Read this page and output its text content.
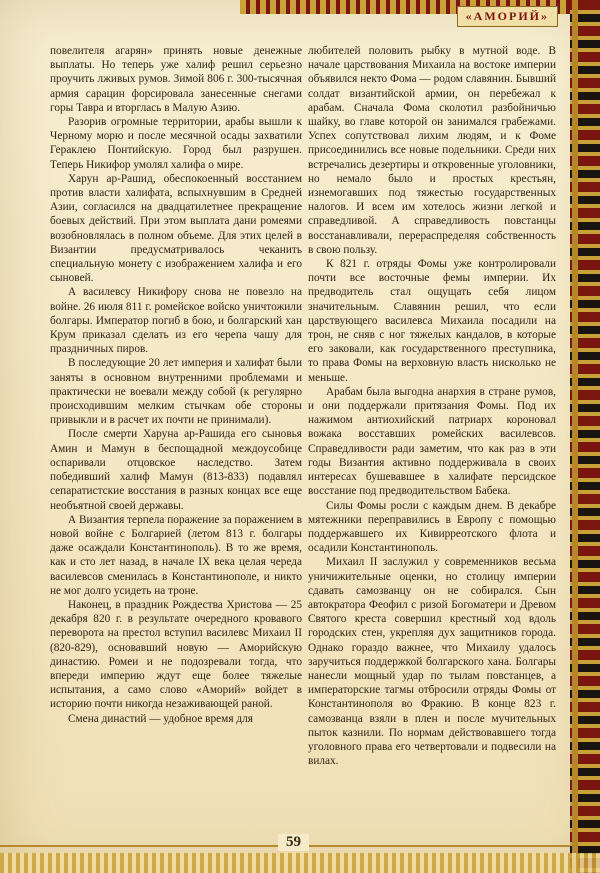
«АМОРИЙ»

повелителя агарян» принять новые денежные выплаты. Но теперь уже халиф решил серьезно проучить лживых румов. Зимой 806 г. 300-тысячная армия сарацин форсировала занесенные снегами горы Тавра и вторглась в Малую Азию.

Разорив огромные территории, арабы вышли к Черному морю и после месячной осады захватили Гераклею Понтийскую. Город был разрушен. Теперь Никифор умолял халифа о мире.

Харун ар-Рашид, обеспокоенный восстанием против власти халифата, вспыхнувшим в Средней Азии, согласился на двадцатилетнее прекращение боевых действий. При этом выплата дани ромеями возобновлялась в полном объеме. Для этих целей в Византии предусматривалось чеканить специальную монету с изображением халифа и его сыновей.

А василевсу Никифору снова не повезло на войне. 26 июля 811 г. ромейское войско уничтожили болгары. Император погиб в бою, и болгарский хан Крум приказал сделать из его черепа чашу для праздничных пиров.

В последующие 20 лет империя и халифат были заняты в основном внутренними проблемами и практически не воевали между собой (к регулярно происходившим мелким стычкам обе стороны привыкли и в расчет их почти не принимали).

После смерти Харуна ар-Рашида его сыновья Амин и Мамун в беспощадной междоусобице оспаривали отцовское наследство. Затем победивший халиф Мамун (813-833) подавлял сепаратистские восстания в разных концах все еще необъятной своей державы.

А Византия терпела поражение за поражением в новой войне с Болгарией (летом 813 г. болгары даже осаждали Константинополь). В то же время, как и сто лет назад, в начале IX века целая череда василевсов сменилась в Константинополе, и никто не мог долго усидеть на троне.

Наконец, в праздник Рождества Христова — 25 декабря 820 г. в результате очередного кровавого переворота на престол вступил василевс Михаил II (820-829), основавший новую — Аморийскую династию. Ромеи и не подозревали тогда, что впереди империю ждут еще более тяжелые испытания, а само слово «Аморий» войдет в историю почти никогда незаживающей раной.

Смена династий — удобное время для

любителей половить рыбку в мутной воде. В начале царствования Михаила на востоке империи объявился некто Фома — родом славянин. Бывший солдат византийской армии, он перебежал к арабам. Сначала Фома сколотил разбойничью шайку, во главе которой он занимался грабежами. Успех сопутствовал лихим людям, и к Фоме присоединились все новые подельники. Среди них встречались дезертиры и откровенные уголовники, но немало было и простых крестьян, изнемогавших под тяжестью государственных налогов. И всем им хотелось жизни легкой и справедливой. А справедливость повстанцы восстанавливали, перераспределяя собственность в свою пользу.

К 821 г. отряды Фомы уже контролировали почти все восточные фемы империи. Их предводитель стал ощущать себя лицом значительным. Славянин решил, что если царствующего василевса Михаила посадили на трон, не сняв с ног тяжелых кандалов, в которые его заковали, как государственного преступника, то права Фомы на верховную власть нисколько не меньше.

Арабам была выгодна анархия в стране румов, и они поддержали притязания Фомы. Под их нажимом антиохийский патриарх короновал вожака восставших ромейских василевсов. Справедливости ради заметим, что как раз в эти годы Византия активно поддерживала в своих интересах бушевавшее в халифате персидское восстание под предводительством Бабека.

Силы Фомы росли с каждым днем. В декабре мятежники переправились в Европу с помощью поддержавшего их Кивирреотского флота и осадили Константинополь.

Михаил II заслужил у современников весьма уничижительные оценки, но столицу империи сдавать самозванцу он не собирался. Сын автократора Феофил с ризой Богоматери и Древом Святого креста совершил крестный ход вдоль городских стен, укрепляя дух защитников города. Однако гораздо важнее, что Михаилу удалось заручиться поддержкой болгарского хана. Болгары нанесли мощный удар по тылам повстанцев, а императорские тагмы отбросили отряды Фомы от Константинополя во Фракию. В конце 823 г. самозванца взяли в плен и после мучительных пыток казнили. По нормам действовавшего тогда уголовного права его четвертовали и подвесили на вилах.

59
